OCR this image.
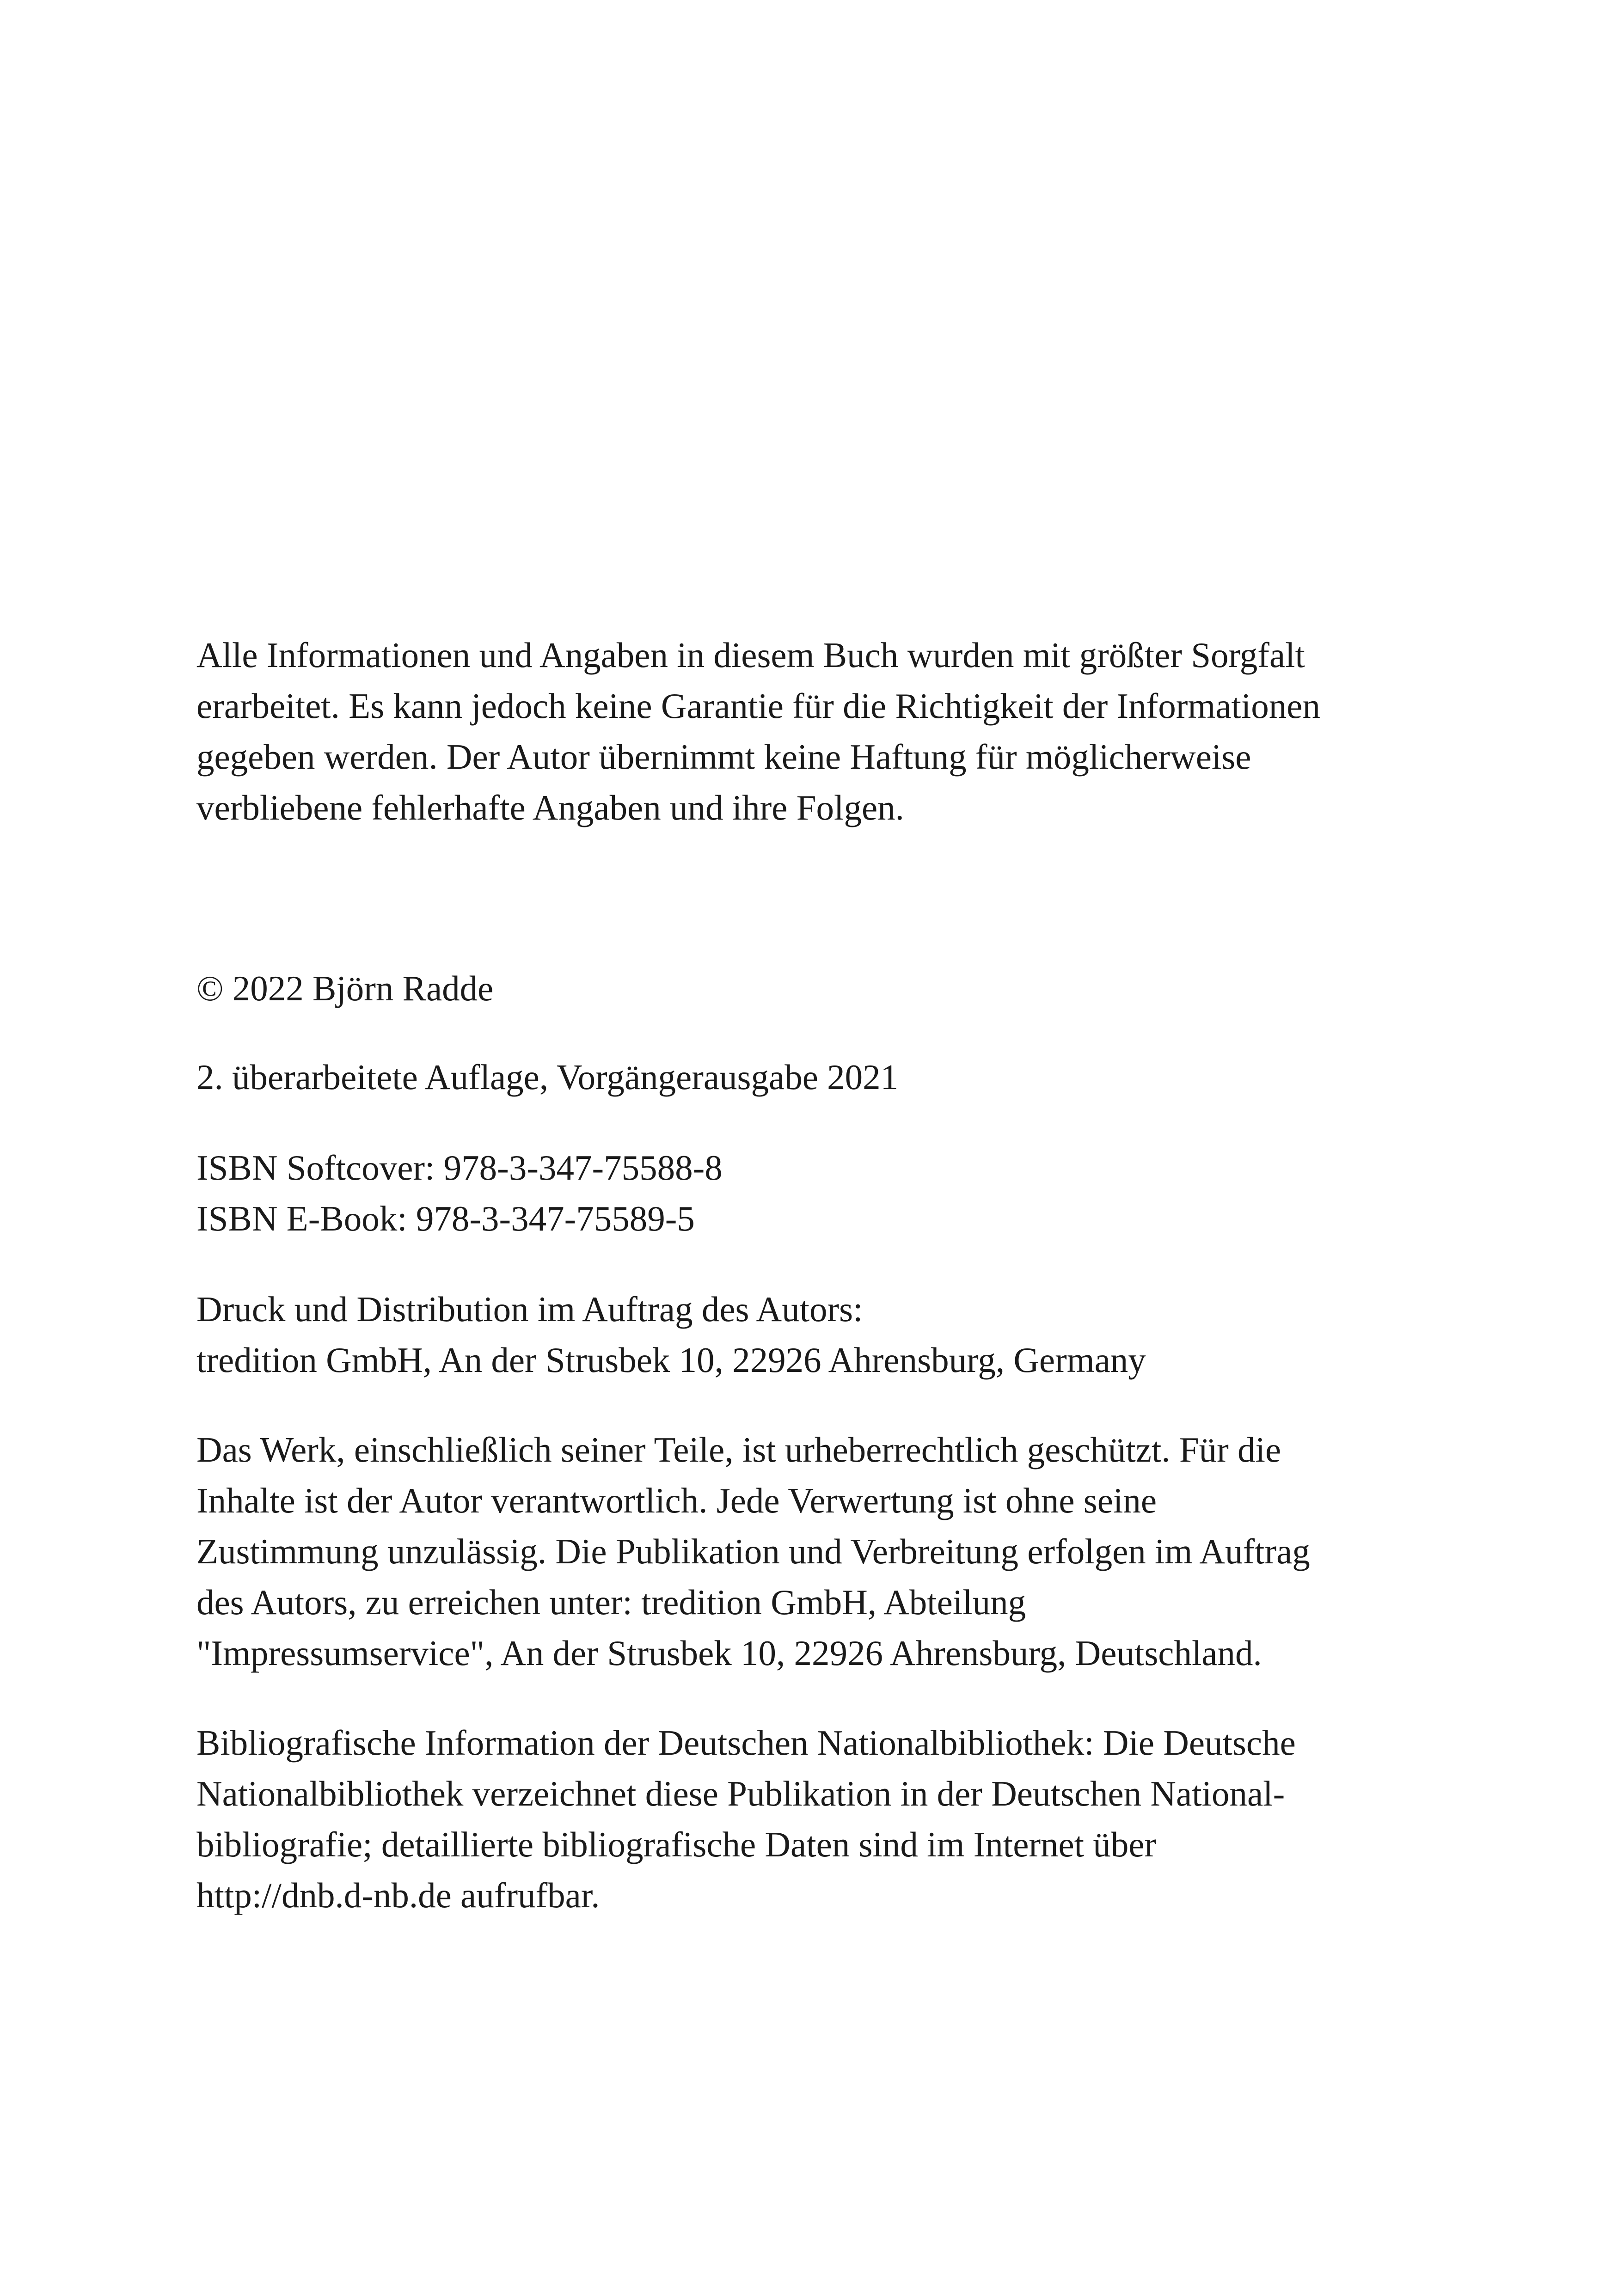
Alle Informationen und Angaben in diesem Buch wurden mit größter Sorgfalt
erarbeitet. Es kann jedoch keine Garantie für die Richtigkeit der Informationen
gegeben werden. Der Autor übernimmt keine Haftung für möglicherweise
verbliebene fehlerhafte Angaben und ihre Folgen.

© 2022 Björn Radde

2. überarbeitete Auflage, Vorgängerausgabe 2021

ISBN Softcover: 978-3-347-75588-8
ISBN E-Book: 978-3-347-75589-5

Druck und Distribution im Auftrag des Autors:
tredition GmbH, An der Strusbek 10, 22926 Ahrensburg, Germany

Das Werk, einschließlich seiner Teile, ist urheberrechtlich geschützt. Für die
Inhalte ist der Autor verantwortlich. Jede Verwertung ist ohne seine
Zustimmung unzulässig. Die Publikation und Verbreitung erfolgen im Auftrag
des Autors, zu erreichen unter: tredition GmbH, Abteilung
"Impressumservice", An der Strusbek 10, 22926 Ahrensburg, Deutschland.

Bibliografische Information der Deutschen Nationalbibliothek: Die Deutsche
Nationalbibliothek verzeichnet diese Publikation in der Deutschen National-
bibliografie; detaillierte bibliografische Daten sind im Internet über
http://dnb.d-nb.de aufrufbar.
